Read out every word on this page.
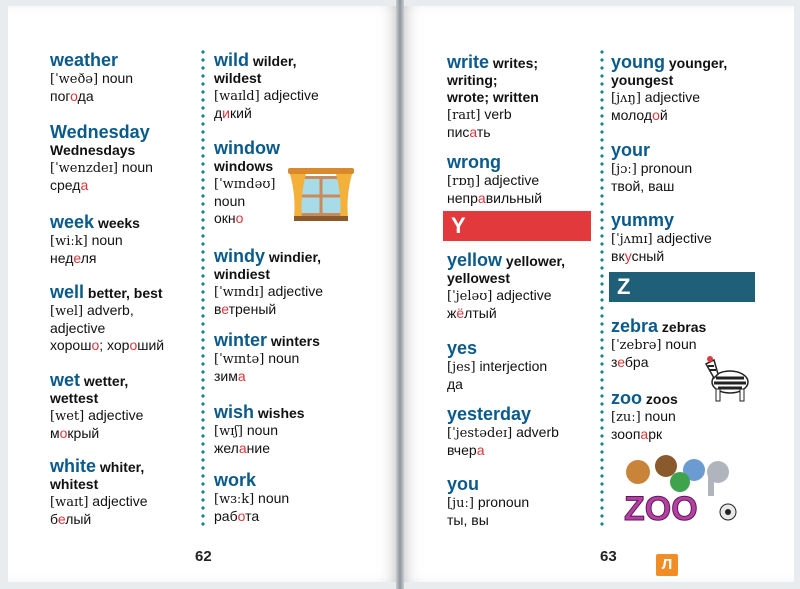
weather
[ˈweðə] noun
погода
Wednesday
Wednesdays
[ˈwenzdeɪ] noun
среда
week weeks
[wiːk] noun
неделя
well better, best
[wel] adverb,
adjective
хорошо; хороший
wet wetter,
wettest
[wet] adjective
мокрый
white whiter,
whitest
[waɪt] adjective
белый
wild wilder,
wildest
[waɪld] adjective
дикий
window
windows
[ˈwɪndəʊ]
noun
окно
windy windier,
windiest
[ˈwɪndɪ] adjective
ветреный
winter winters
[ˈwɪntə] noun
зима
wish wishes
[wɪʃ] noun
желание
work
[wɜːk] noun
работа
62
write writes;
writing;
wrote; written
[raɪt] verb
писать
wrong
[rɒŋ] adjective
неправильный
yellow yellower,
yellowest
[ˈjeləʊ] adjective
жёлтый
yes
[jes] interjection
да
yesterday
[ˈjestədeɪ] adverb
вчера
you
[juː] pronoun
ты, вы
Y
young younger,
youngest
[jʌŋ] adjective
молодой
your
[jɔː] pronoun
твой, ваш
yummy
[ˈjʌmɪ] adjective
вкусный
zebra zebras
[ˈzebrə] noun
зебра
zoo zoos
[zuː] noun
зоопарк
Z
ZOO
63	Л
